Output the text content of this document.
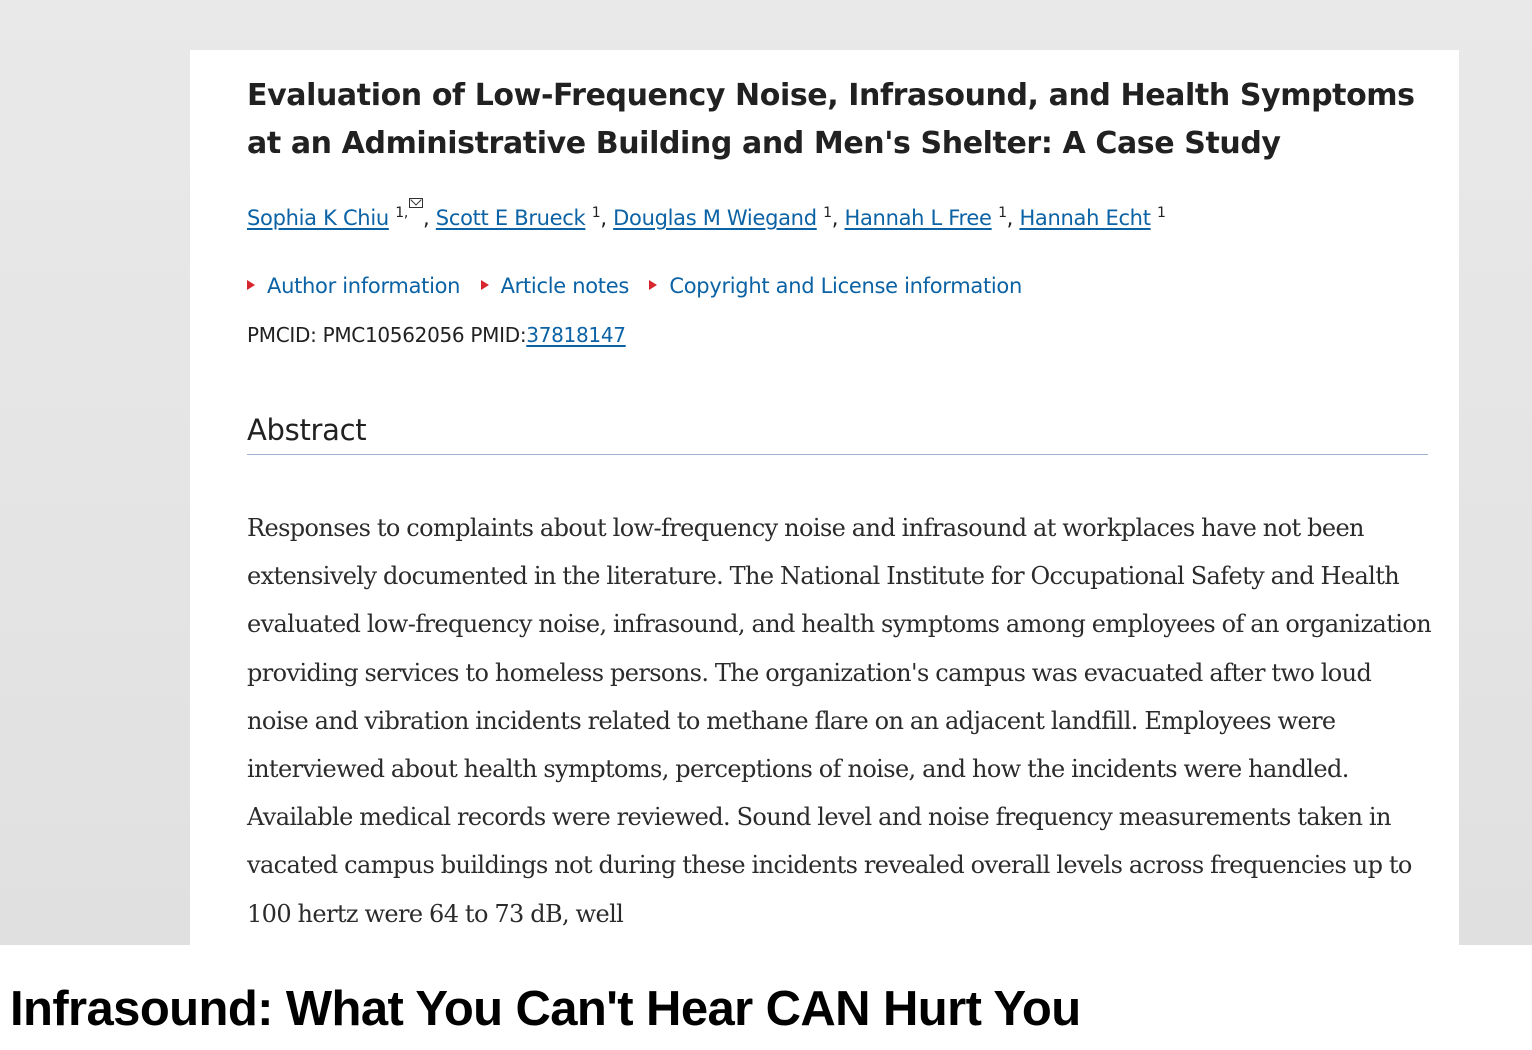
Evaluation of Low-Frequency Noise, Infrasound, and Health Symptoms at an Administrative Building and Men's Shelter: A Case Study
Sophia K Chiu $^{1,}$ , Scott E Brueck $^1$, Douglas M Wiegand $^1$, Hannah L Free $^1$, Hannah Echt $^1$
Author information Article notes Copyright and License information
PMCID: PMC10562056 PMID:37818147
Abstract

Responses to complaints about low-frequency noise and infrasound at workplaces have not been extensively documented in the literature. The National Institute for Occupational Safety and Health evaluated low-frequency noise, infrasound, and health symptoms among employees of an organization providing services to homeless persons. The organization's campus was evacuated after two loud noise and vibration incidents related to methane flare on an adjacent landfill. Employees were interviewed about health symptoms, perceptions of noise, and how the incidents were handled. Available medical records were reviewed. Sound level and noise frequency measurements taken in vacated campus buildings not during these incidents revealed overall levels across frequencies up to 100 hertz were 64 to 73 dB, well

Infrasound: What You Can't Hear CAN Hurt You
